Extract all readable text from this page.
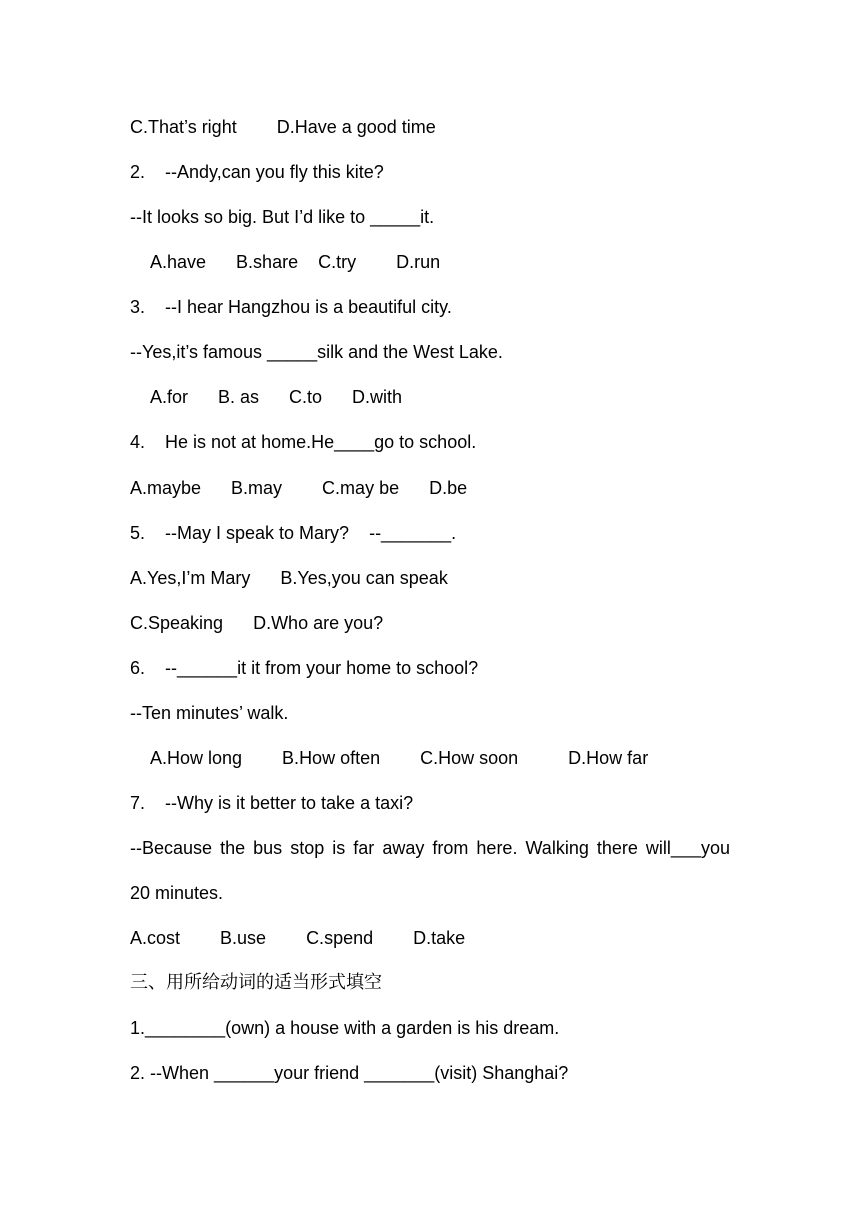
C.That’s right        D.Have a good time
2.    --Andy,can you fly this kite?
--It looks so big. But I’d like to _____it.
A.have      B.share    C.try        D.run
3.    --I hear Hangzhou is a beautiful city.
--Yes,it’s famous _____silk and the West Lake.
A.for      B. as      C.to      D.with
4.    He is not at home.He____go to school.
A.maybe      B.may        C.may be      D.be
5.    --May I speak to Mary?    --_______.
A.Yes,I’m Mary      B.Yes,you can speak
C.Speaking      D.Who are you?
6.    --______it it from your home to school?
--Ten minutes’ walk.
A.How long        B.How often        C.How soon          D.How far
7.    --Why is it better to take a taxi?
--Because the bus stop is far away from here. Walking there will___you
20 minutes.
A.cost        B.use        C.spend        D.take
三、用所给动词的适当形式填空
1.________(own) a house with a garden is his dream.
2. --When ______your friend _______(visit) Shanghai?
